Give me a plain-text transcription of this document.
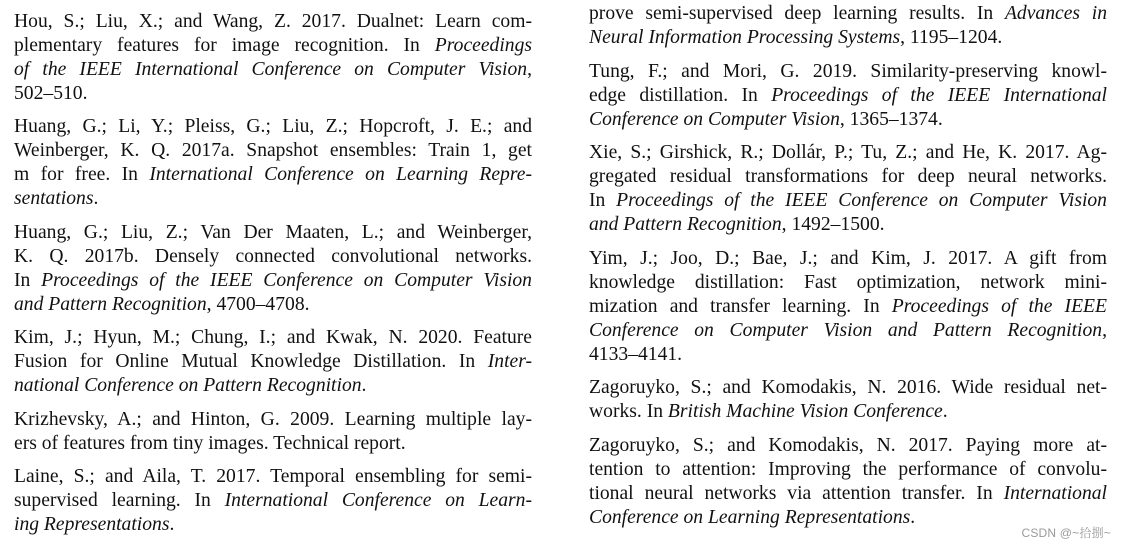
Hou, S.; Liu, X.; and Wang, Z. 2017. Dualnet: Learn com-
plementary features for image recognition. In Proceedings
of the IEEE International Conference on Computer Vision,
502–510.
Huang, G.; Li, Y.; Pleiss, G.; Liu, Z.; Hopcroft, J. E.; and
Weinberger, K. Q. 2017a. Snapshot ensembles: Train 1, get
m for free. In International Conference on Learning Repre-
sentations.
Huang, G.; Liu, Z.; Van Der Maaten, L.; and Weinberger,
K. Q. 2017b. Densely connected convolutional networks.
In Proceedings of the IEEE Conference on Computer Vision
and Pattern Recognition, 4700–4708.
Kim, J.; Hyun, M.; Chung, I.; and Kwak, N. 2020. Feature
Fusion for Online Mutual Knowledge Distillation. In Inter-
national Conference on Pattern Recognition.
Krizhevsky, A.; and Hinton, G. 2009. Learning multiple lay-
ers of features from tiny images. Technical report.
Laine, S.; and Aila, T. 2017. Temporal ensembling for semi-
supervised learning. In International Conference on Learn-
ing Representations.
prove semi-supervised deep learning results. In Advances in
Neural Information Processing Systems, 1195–1204.
Tung, F.; and Mori, G. 2019. Similarity-preserving knowl-
edge distillation. In Proceedings of the IEEE International
Conference on Computer Vision, 1365–1374.
Xie, S.; Girshick, R.; Dollár, P.; Tu, Z.; and He, K. 2017. Ag-
gregated residual transformations for deep neural networks.
In Proceedings of the IEEE Conference on Computer Vision
and Pattern Recognition, 1492–1500.
Yim, J.; Joo, D.; Bae, J.; and Kim, J. 2017. A gift from
knowledge distillation: Fast optimization, network mini-
mization and transfer learning. In Proceedings of the IEEE
Conference on Computer Vision and Pattern Recognition,
4133–4141.
Zagoruyko, S.; and Komodakis, N. 2016. Wide residual net-
works. In British Machine Vision Conference.
Zagoruyko, S.; and Komodakis, N. 2017. Paying more at-
tention to attention: Improving the performance of convolu-
tional neural networks via attention transfer. In International
Conference on Learning Representations.
CSDN @~拾捌~
